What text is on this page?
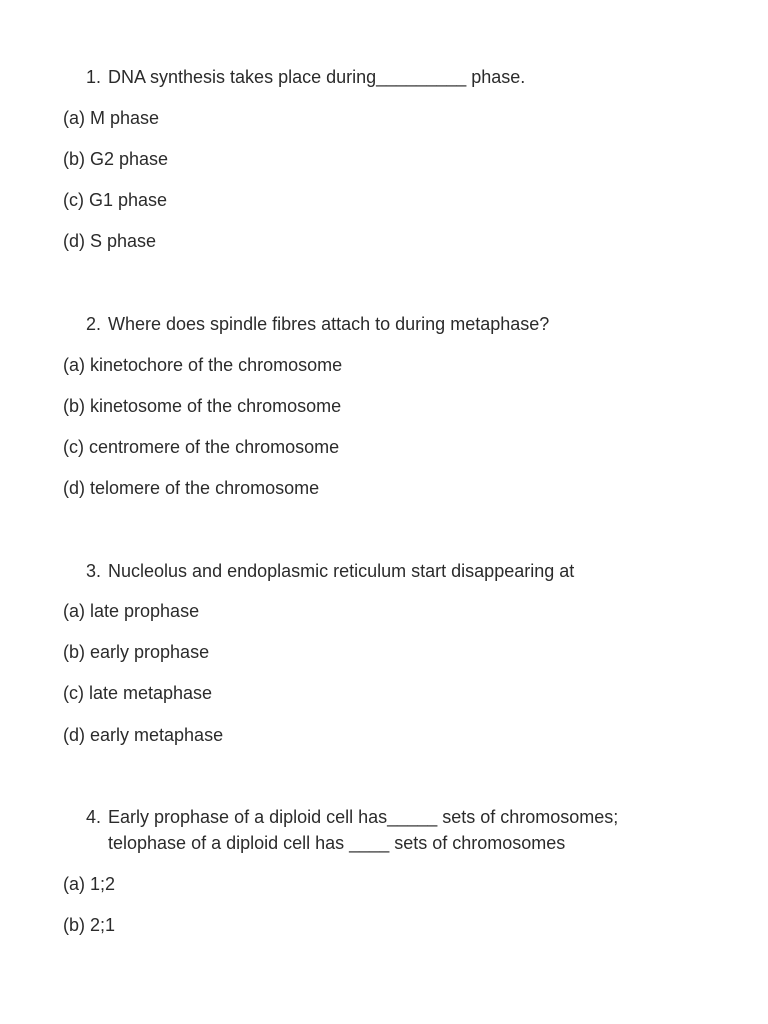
1. DNA synthesis takes place during_________ phase.
(a) M phase
(b) G2 phase
(c) G1 phase
(d) S phase
2. Where does spindle fibres attach to during metaphase?
(a) kinetochore of the chromosome
(b) kinetosome of the chromosome
(c) centromere of the chromosome
(d) telomere of the chromosome
3. Nucleolus and endoplasmic reticulum start disappearing at
(a) late prophase
(b) early prophase
(c) late metaphase
(d) early metaphase
4. Early prophase of a diploid cell has_____ sets of chromosomes; telophase of a diploid cell has ____ sets of chromosomes
(a) 1;2
(b) 2;1
